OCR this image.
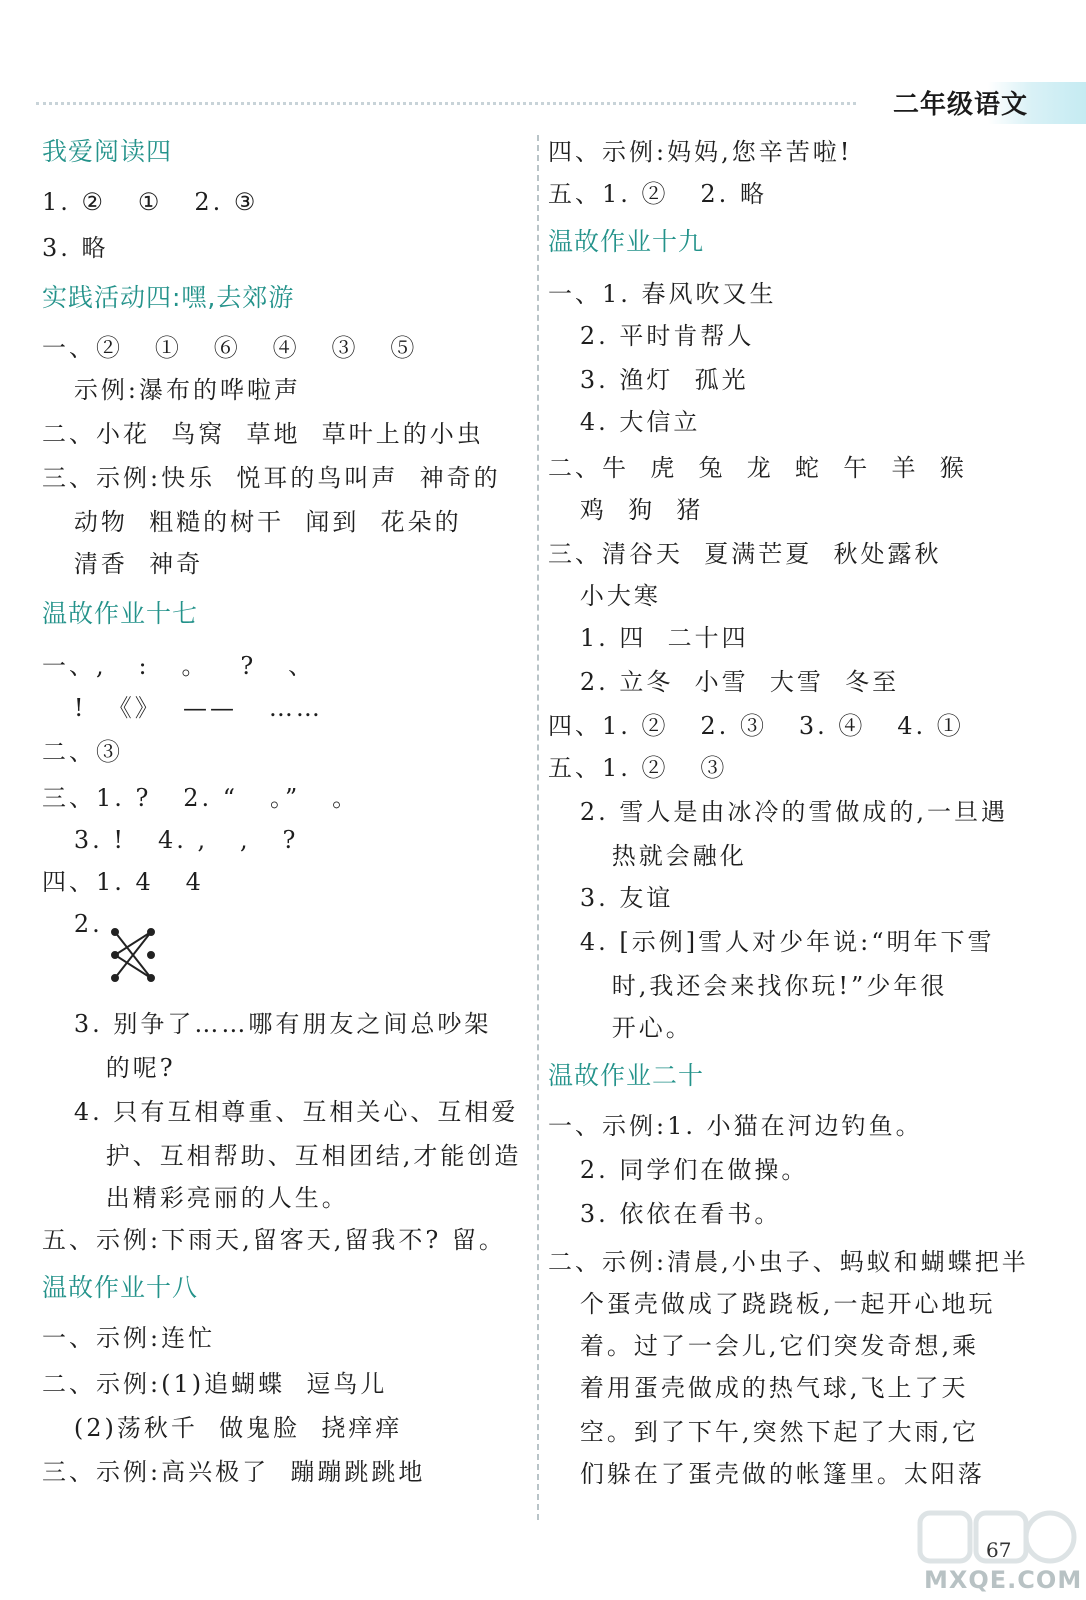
二年级语文
我爱阅读四
1. ②   ①   2. ③
3. 略
实践活动四:嘿,去郊游
一、②   ①   ⑥   ④   ③   ⑤
示例:瀑布的哗啦声
二、小花  鸟窝  草地  草叶上的小虫
三、示例:快乐  悦耳的鸟叫声  神奇的
动物  粗糙的树干  闻到  花朵的
清香  神奇
温故作业十七
一、,   :   。   ?   、
!  《》  ——   ……
二、③
三、1. ?   2. “   。”   。
3. !   4. ,   ,   ?
四、1. 4   4
2.
3. 别争了……哪有朋友之间总吵架
的呢?
4. 只有互相尊重、互相关心、互相爱
护、互相帮助、互相团结,才能创造
出精彩亮丽的人生。
五、示例:下雨天,留客天,留我不? 留。
温故作业十八
一、示例:连忙
二、示例:(1)追蝴蝶  逗鸟儿
(2)荡秋千  做鬼脸  挠痒痒
三、示例:高兴极了  蹦蹦跳跳地
四、示例:妈妈,您辛苦啦!
五、1. ②   2. 略
温故作业十九
一、1. 春风吹又生
2. 平时肯帮人
3. 渔灯  孤光
4. 大信立
二、牛  虎  兔  龙  蛇  午  羊  猴
鸡  狗  猪
三、清谷天  夏满芒夏  秋处露秋
小大寒
1. 四  二十四
2. 立冬  小雪  大雪  冬至
四、1. ②   2. ③   3. ④   4. ①
五、1. ②   ③
2. 雪人是由冰冷的雪做成的,一旦遇
热就会融化
3. 友谊
4. [示例]雪人对少年说:“明年下雪
时,我还会来找你玩!”少年很
开心。
温故作业二十
一、示例:1. 小猫在河边钓鱼。
2. 同学们在做操。
3. 依依在看书。
二、示例:清晨,小虫子、蚂蚁和蝴蝶把半
个蛋壳做成了跷跷板,一起开心地玩
着。过了一会儿,它们突发奇想,乘
着用蛋壳做成的热气球,飞上了天
空。到了下午,突然下起了大雨,它
们躲在了蛋壳做的帐篷里。太阳落
67
MXQE.COM
